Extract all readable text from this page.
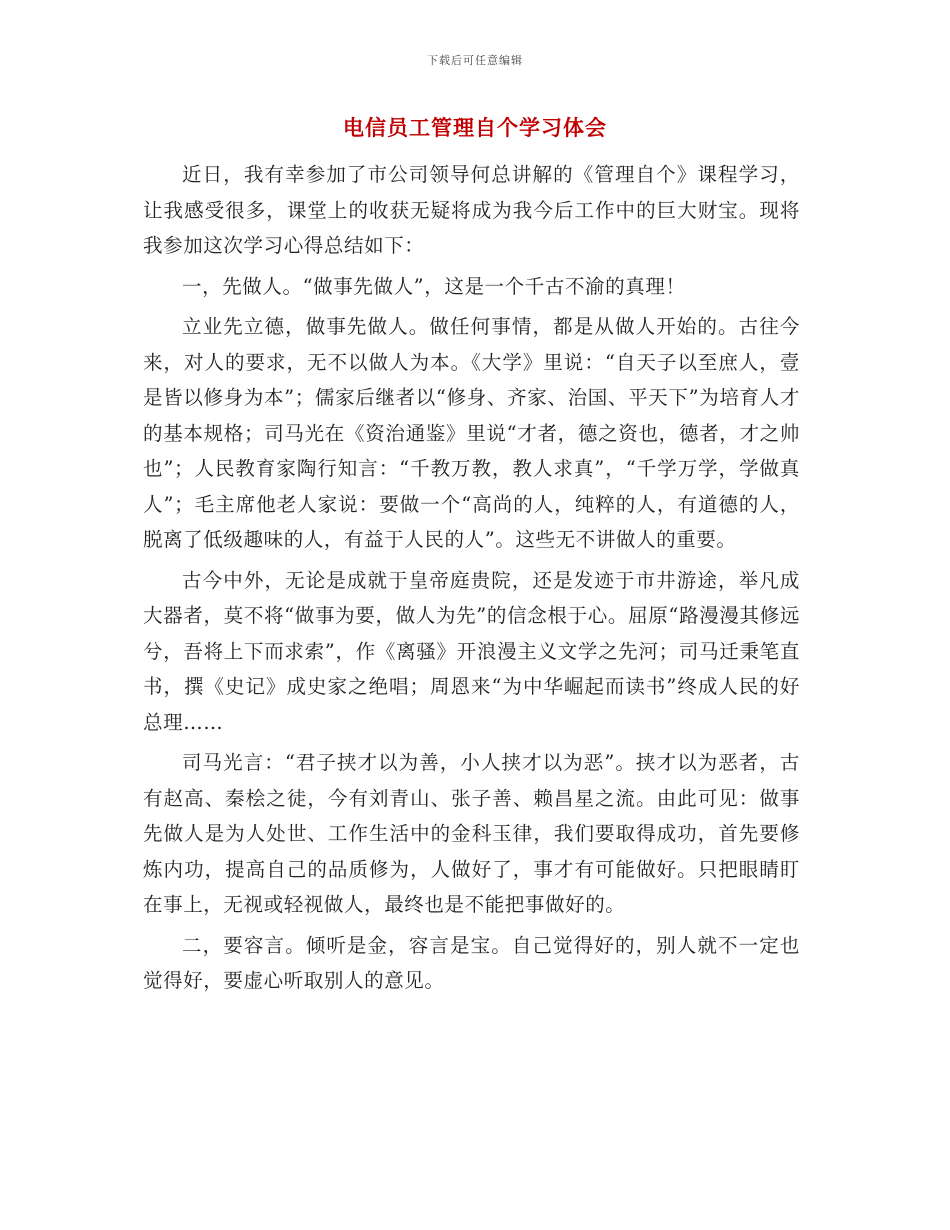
下载后可任意编辑
电信员工管理自个学习体会

近日，我有幸参加了市公司领导何总讲解的《管理自个》课程学习，让我感受很多，课堂上的收获无疑将成为我今后工作中的巨大财宝。现将我参加这次学习心得总结如下：

一，先做人。“做事先做人”，这是一个千古不渝的真理！

立业先立德，做事先做人。做任何事情，都是从做人开始的。古往今来，对人的要求，无不以做人为本。《大学》里说：“自天子以至庶人，壹是皆以修身为本”；儒家后继者以“修身、齐家、治国、平天下”为培育人才的基本规格；司马光在《资治通鉴》里说“才者，德之资也，德者，才之帅也”；人民教育家陶行知言：“千教万教，教人求真”，“千学万学，学做真人”；毛主席他老人家说：要做一个“高尚的人，纯粹的人，有道德的人，脱离了低级趣味的人，有益于人民的人”。这些无不讲做人的重要。

古今中外，无论是成就于皇帝庭贵院，还是发迹于市井游途，举凡成大器者，莫不将“做事为要，做人为先”的信念根于心。屈原“路漫漫其修远兮，吾将上下而求索”，作《离骚》开浪漫主义文学之先河；司马迁秉笔直书，撰《史记》成史家之绝唱；周恩来“为中华崛起而读书”终成人民的好总理……

司马光言：“君子挟才以为善，小人挟才以为恶”。挟才以为恶者，古有赵高、秦桧之徒，今有刘青山、张子善、赖昌星之流。由此可见：做事先做人是为人处世、工作生活中的金科玉律，我们要取得成功，首先要修炼内功，提高自己的品质修为，人做好了，事才有可能做好。只把眼睛盯在事上，无视或轻视做人，最终也是不能把事做好的。

二，要容言。倾听是金，容言是宝。自己觉得好的，别人就不一定也觉得好，要虚心听取别人的意见。
